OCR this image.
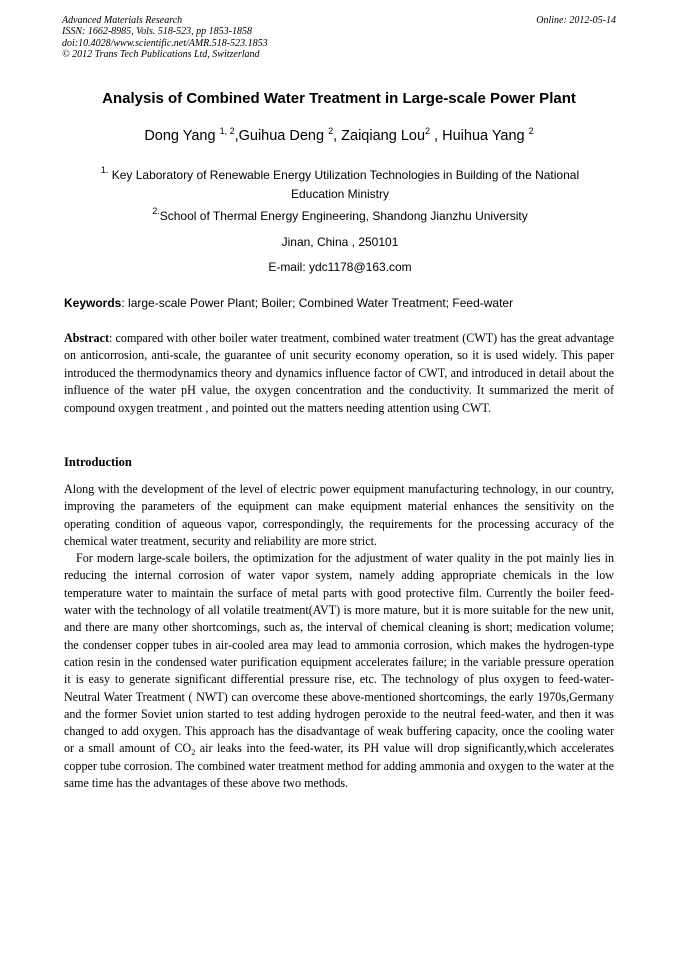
Advanced Materials Research
ISSN: 1662-8985, Vols. 518-523, pp 1853-1858
doi:10.4028/www.scientific.net/AMR.518-523.1853
© 2012 Trans Tech Publications Ltd, Switzerland
Online: 2012-05-14
Analysis of Combined Water Treatment in Large-scale Power Plant
Dong Yang $^{1, 2}$,Guihua Deng $^2$, Zaiqiang Lou$^2$ , Huihua Yang $^2$
$^{1.}$ Key Laboratory of Renewable Energy Utilization Technologies in Building of the National Education Ministry
$^{2.}$School of Thermal Energy Engineering, Shandong Jianzhu University
Jinan, China , 250101
E-mail: ydc1178@163.com
Keywords: large-scale Power Plant; Boiler; Combined Water Treatment; Feed-water
Abstract: compared with other boiler water treatment, combined water treatment (CWT) has the great advantage on anticorrosion, anti-scale, the guarantee of unit security economy operation, so it is used widely. This paper introduced the thermodynamics theory and dynamics influence factor of CWT, and introduced in detail about the influence of the water pH value, the oxygen concentration and the conductivity. It summarized the merit of compound oxygen treatment , and pointed out the matters needing attention using CWT.
Introduction

Along with the development of the level of electric power equipment manufacturing technology, in our country, improving the parameters of the equipment can make equipment material enhances the sensitivity on the operating condition of aqueous vapor, correspondingly, the requirements for the processing accuracy of the chemical water treatment, security and reliability are more strict.

For modern large-scale boilers, the optimization for the adjustment of water quality in the pot mainly lies in reducing the internal corrosion of water vapor system, namely adding appropriate chemicals in the low temperature water to maintain the surface of metal parts with good protective film. Currently the boiler feed-water with the technology of all volatile treatment(AVT) is more mature, but it is more suitable for the new unit, and there are many other shortcomings, such as, the interval of chemical cleaning is short; medication volume; the condenser copper tubes in air-cooled area may lead to ammonia corrosion, which makes the hydrogen-type cation resin in the condensed water purification equipment accelerates failure; in the variable pressure operation it is easy to generate significant differential pressure rise, etc. The technology of plus oxygen to feed-water-Neutral Water Treatment ( NWT) can overcome these above-mentioned shortcomings, the early 1970s,Germany and the former Soviet union started to test adding hydrogen peroxide to the neutral feed-water, and then it was changed to add oxygen. This approach has the disadvantage of weak buffering capacity, once the cooling water or a small amount of $CO_2$ air leaks into the feed-water, its PH value will drop significantly,which accelerates copper tube corrosion. The combined water treatment method for adding ammonia and oxygen to the water at the same time has the advantages of these above two methods.
